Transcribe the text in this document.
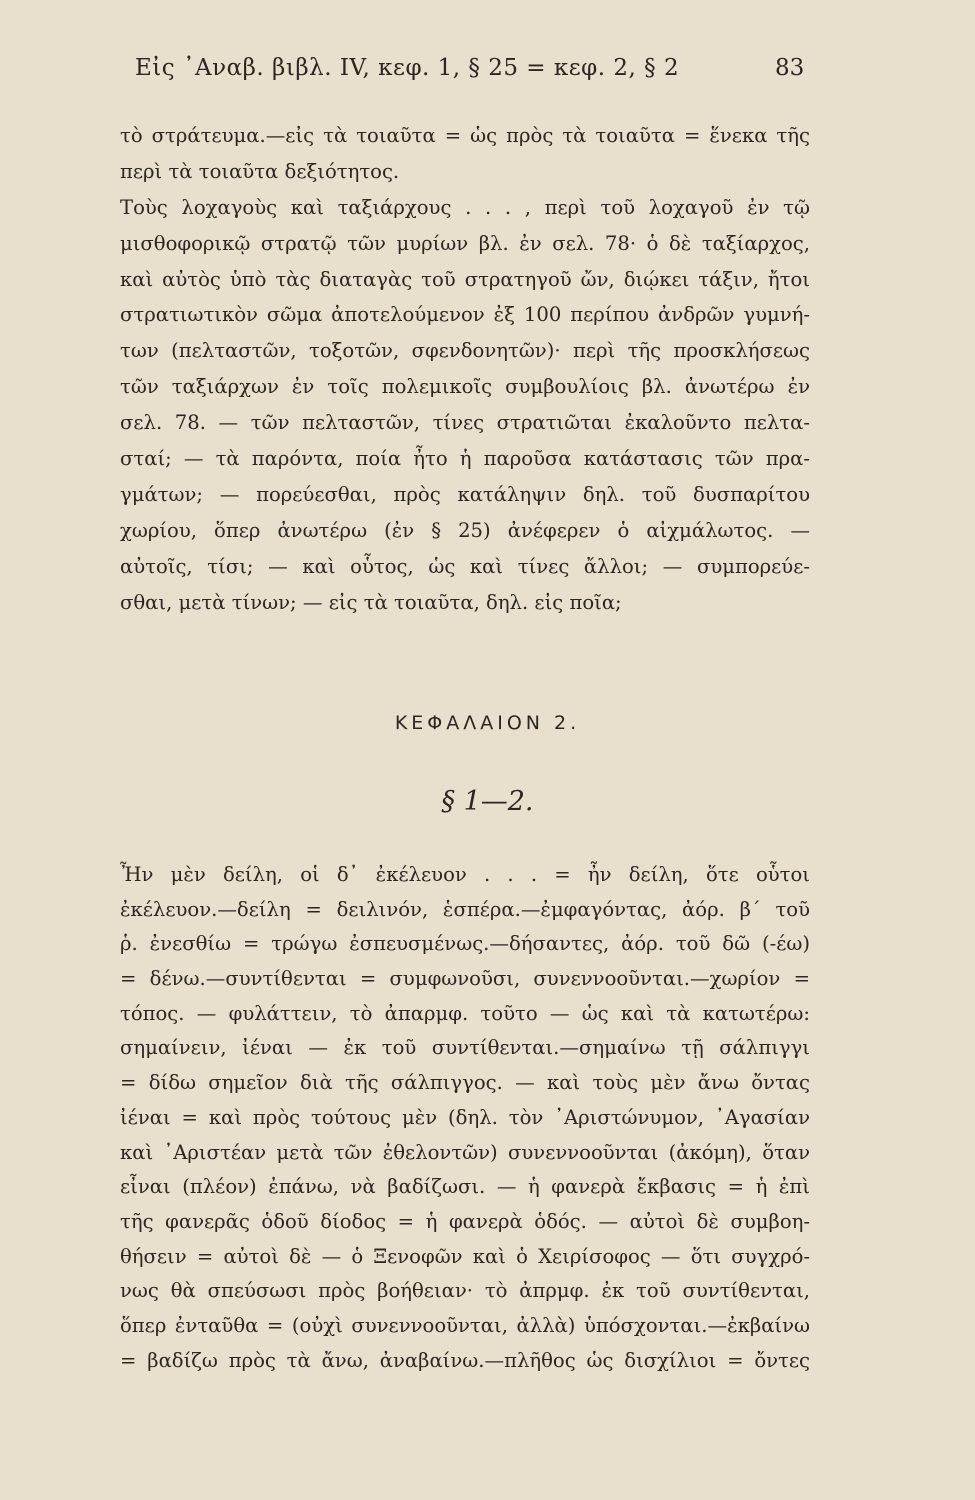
Εἰς ᾿Αναβ. βιβλ. IV, κεφ. 1, § 25 = κεφ. 2, § 2	83
τὸ στράτευμα.—εἰς τὰ τοιαῦτα = ὡς πρὸς τὰ τοιαῦτα = ἕνεκα τῆς
περὶ τὰ τοιαῦτα δεξιότητος.
Τοὺς λοχαγοὺς καὶ ταξιάρχους . . . , περὶ τοῦ λοχαγοῦ ἐν τῷ
μισθοφορικῷ στρατῷ τῶν μυρίων βλ. ἐν σελ. 78· ὁ δὲ ταξίαρχος,
καὶ αὐτὸς ὑπὸ τὰς διαταγὰς τοῦ στρατηγοῦ ὤν, διῴκει τάξιν, ἤτοι
στρατιωτικὸν σῶμα ἀποτελούμενον ἐξ 100 περίπου ἀνδρῶν γυμνή-
των (πελταστῶν, τοξοτῶν, σφενδονητῶν)· περὶ τῆς προσκλήσεως
τῶν ταξιάρχων ἐν τοῖς πολεμικοῖς συμβουλίοις βλ. ἀνωτέρω ἐν
σελ. 78. — τῶν πελταστῶν, τίνες στρατιῶται ἐκαλοῦντο πελτα-
σταί; — τὰ παρόντα, ποία ἦτο ἡ παροῦσα κατάστασις τῶν πρα-
γμάτων; — πορεύεσθαι, πρὸς κατάληψιν δηλ. τοῦ δυσπαρίτου
χωρίου, ὅπερ ἀνωτέρω (ἐν § 25) ἀνέφερεν ὁ αἰχμάλωτος. —
αὐτοῖς, τίσι; — καὶ οὗτος, ὡς καὶ τίνες ἄλλοι; — συμπορεύε-
σθαι, μετὰ τίνων; — εἰς τὰ τοιαῦτα, δηλ. εἰς ποῖα;
ΚΕΦΑΛΑΙΟΝ 2.
§ 1—2.
Ἦν μὲν δείλη, οἱ δ᾿ ἐκέλευον . . . = ἦν δείλη, ὅτε οὗτοι
ἐκέλευον.—δείλη = δειλινόν, ἑσπέρα.—ἐμφαγόντας, ἀόρ. β΄ τοῦ
ῥ. ἐνεσθίω = τρώγω ἐσπευσμένως.—δήσαντες, ἀόρ. τοῦ δῶ (-έω)
= δένω.—συντίθενται = συμφωνοῦσι, συνεννοοῦνται.—χωρίον =
τόπος. — φυλάττειν, τὸ ἀπαρμφ. τοῦτο — ὡς καὶ τὰ κατωτέρω:
σημαίνειν, ἰέναι — ἐκ τοῦ συντίθενται.—σημαίνω τῇ σάλπιγγι
= δίδω σημεῖον διὰ τῆς σάλπιγγος. — καὶ τοὺς μὲν ἄνω ὄντας
ἰέναι = καὶ πρὸς τούτους μὲν (δηλ. τὸν ᾿Αριστώνυμον, ᾿Αγασίαν
καὶ ᾿Αριστέαν μετὰ τῶν ἐθελοντῶν) συνεννοοῦνται (ἀκόμη), ὅταν
εἶναι (πλέον) ἐπάνω, νὰ βαδίζωσι. — ἡ φανερὰ ἔκβασις = ἡ ἐπὶ
τῆς φανερᾶς ὁδοῦ δίοδος = ἡ φανερὰ ὁδός. — αὐτοὶ δὲ συμβοη-
θήσειν = αὐτοὶ δὲ — ὁ Ξενοφῶν καὶ ὁ Χειρίσοφος — ὅτι συγχρό-
νως θὰ σπεύσωσι πρὸς βοήθειαν· τὸ ἀπρμφ. ἐκ τοῦ συντίθενται,
ὅπερ ἐνταῦθα = (οὐχὶ συνεννοοῦνται, ἀλλὰ) ὑπόσχονται.—ἐκβαίνω
= βαδίζω πρὸς τὰ ἄνω, ἀναβαίνω.—πλῆθος ὡς δισχίλιοι = ὄντες
